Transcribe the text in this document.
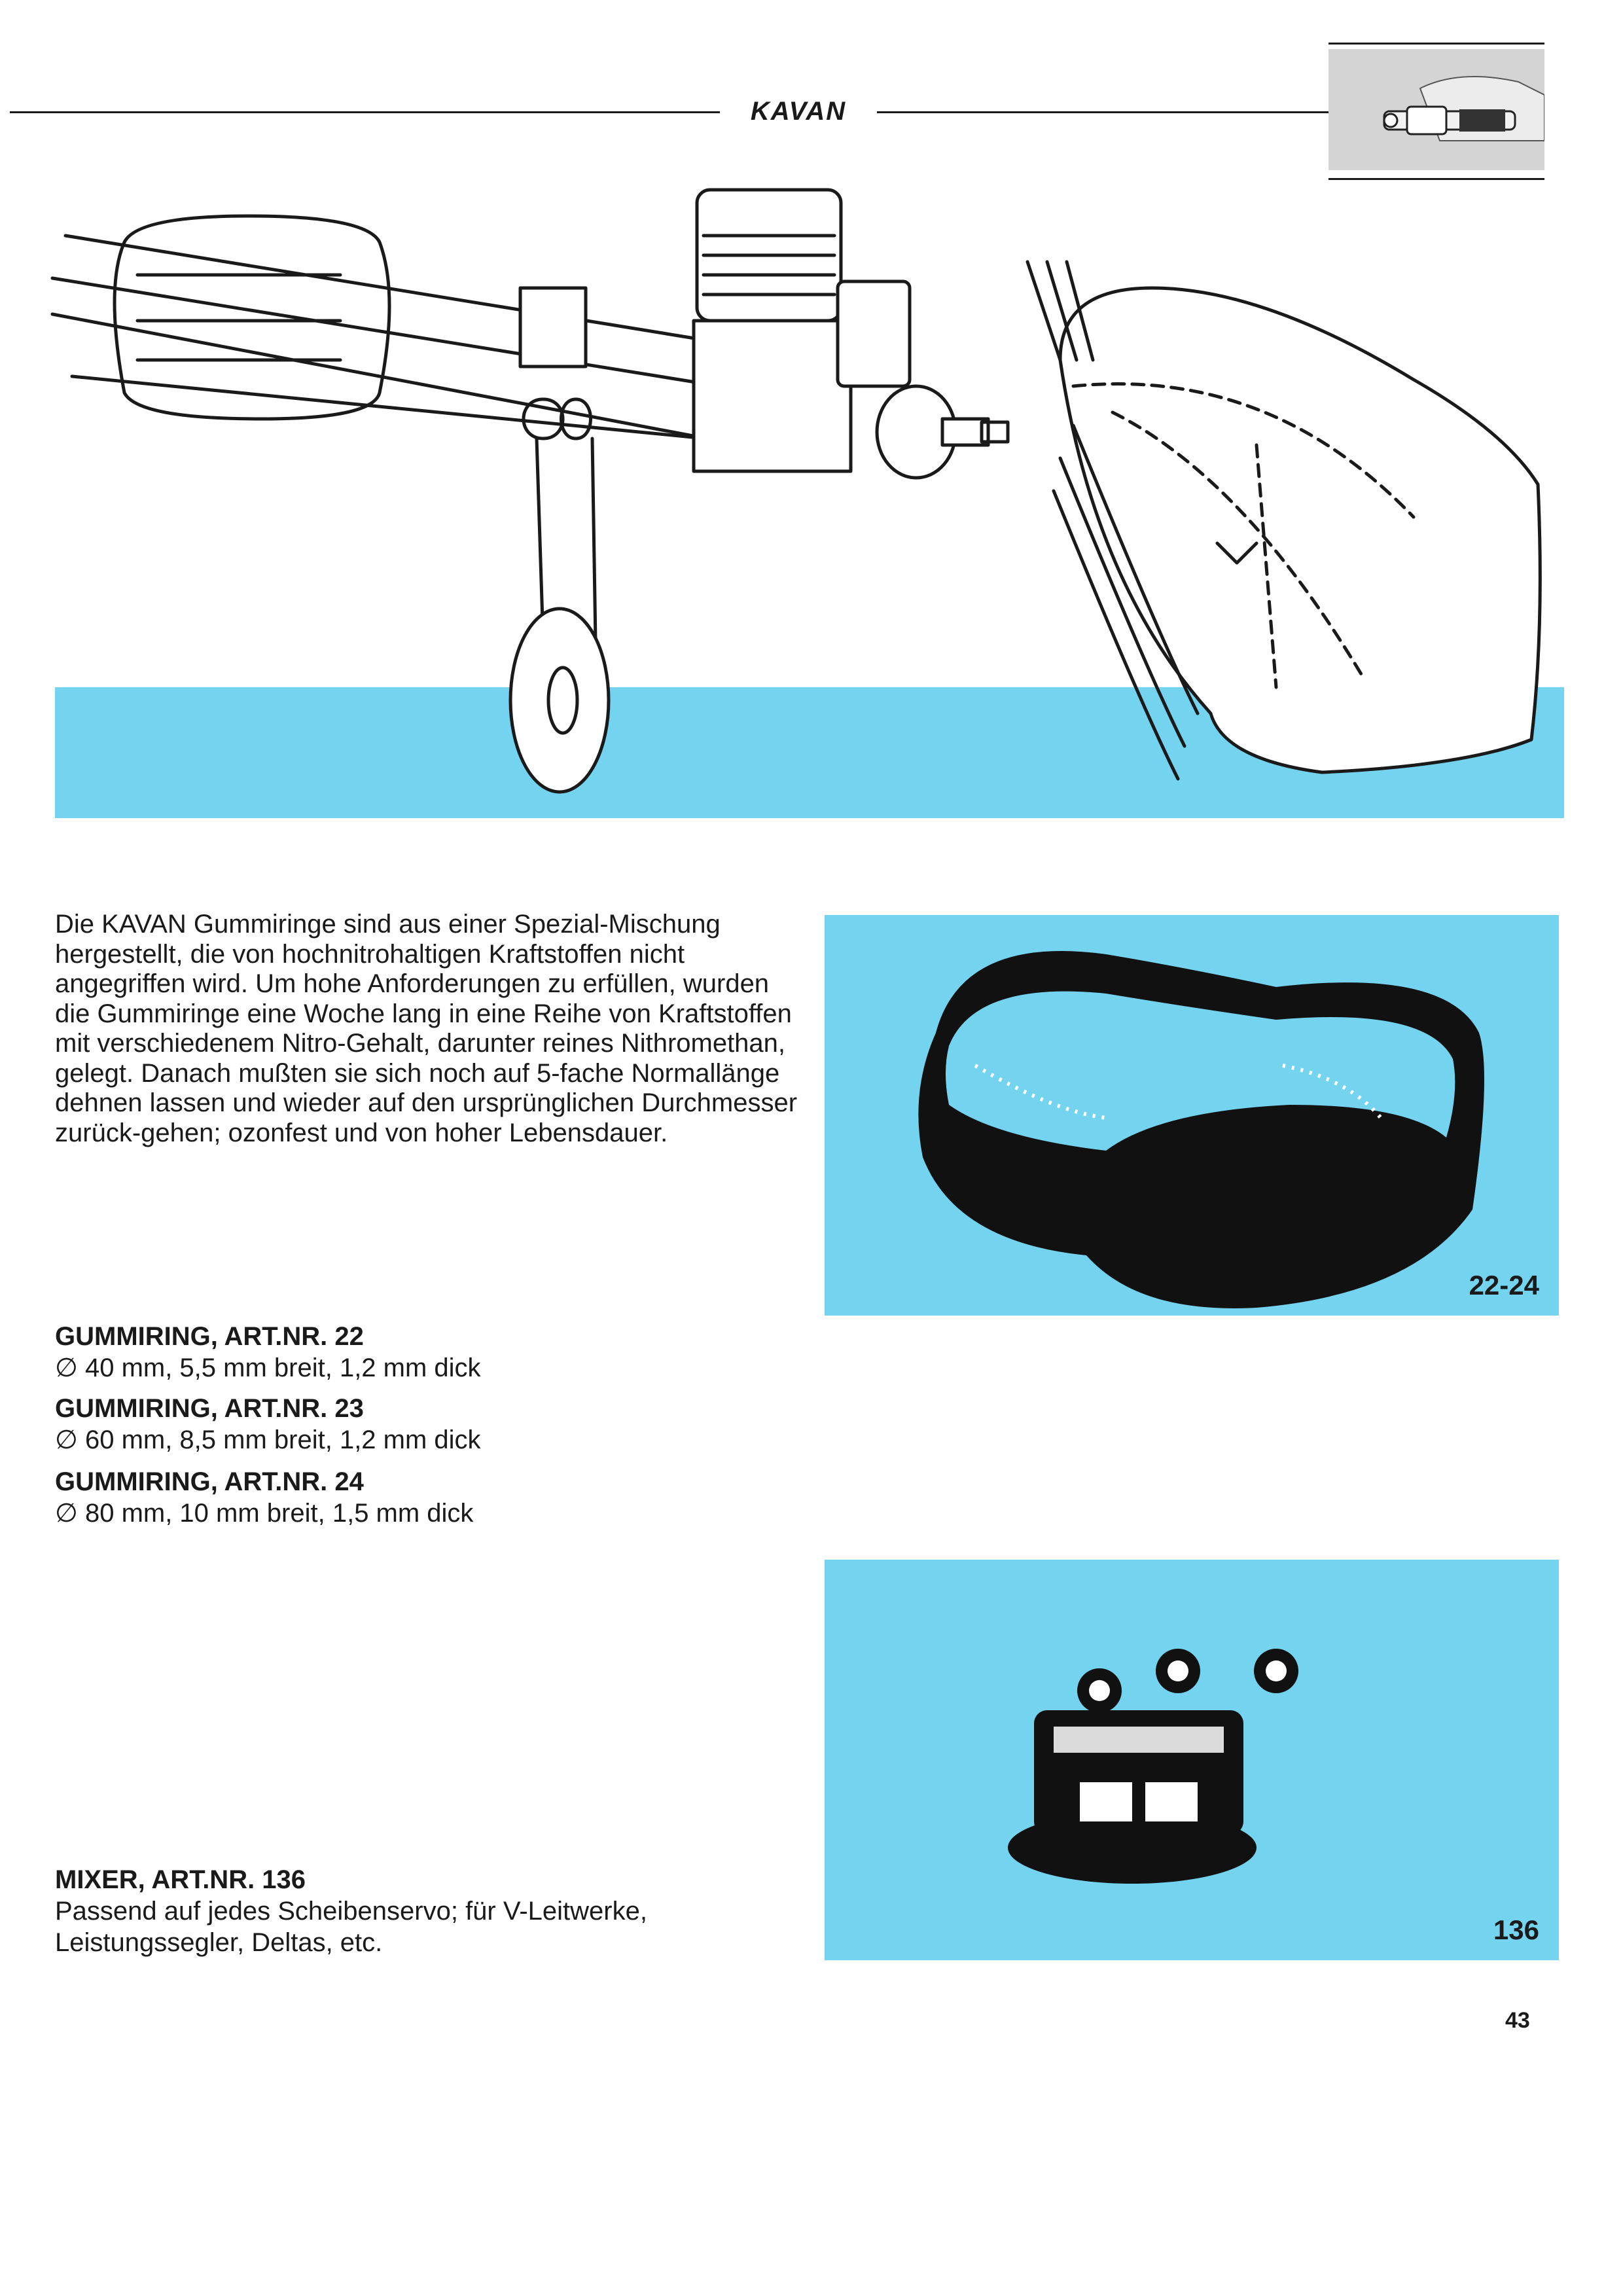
KAVAN

Die KAVAN Gummiringe sind aus einer Spezial-Mischung hergestellt, die von hochnitrohaltigen Kraftstoffen nicht angegriffen wird. Um hohe Anforderungen zu erfüllen, wurden die Gummiringe eine Woche lang in eine Reihe von Kraftstoffen mit verschiedenem Nitro-Gehalt, darunter reines Nithromethan, gelegt. Danach mußten sie sich noch auf 5-fache Normallänge dehnen lassen und wieder auf den ursprünglichen Durchmesser zurück-gehen; ozonfest und von hoher Lebensdauer.

22-24
GUMMIRING, ART.NR. 22
∅ 40 mm, 5,5 mm breit, 1,2 mm dick
GUMMIRING, ART.NR. 23
∅ 60 mm, 8,5 mm breit, 1,2 mm dick
GUMMIRING, ART.NR. 24
∅ 80 mm, 10 mm breit, 1,5 mm dick
136
MIXER, ART.NR. 136
Passend auf jedes Scheibenservo; für V-Leitwerke, Leistungssegler, Deltas, etc.
43
